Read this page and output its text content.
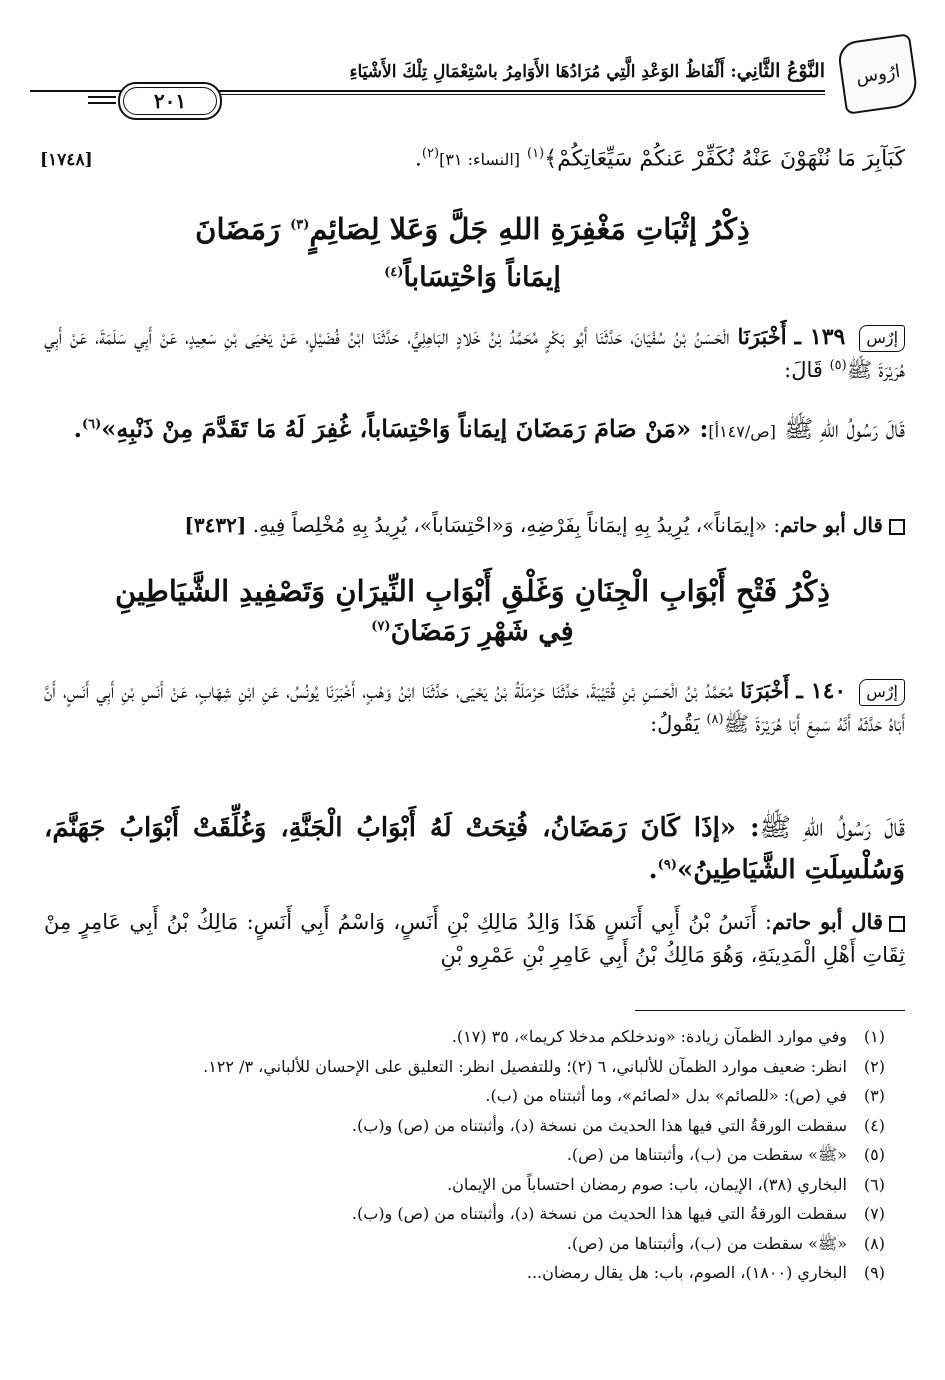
ارُوس
النَّوْعُ الثَّانِي: أَلْفَاظُ الوَعْدِ الَّتِي مُرَادُهَا الأَوَامِرُ باسْتِعْمَالِ تِلْكَ الأَشْيَاءِ
٢٠١
كَبَآبِرَ مَا نُنْهَوْنَ عَنْهُ نُكَفِّرْ عَنكُمْ سَيِّعَاتِكُمْ﴾$^{(١)}$ [النساء: ٣١]$^{(٢)}$.
[١٧٤٨]
ذِكْرُ إثْبَاتِ مَغْفِرَةِ اللهِ جَلَّ وَعَلا لِصَائِمٍ$^{(٣)}$ رَمَضَانَ
إيمَاناً وَاحْتِسَاباً$^{(٤)}$
إرٌس ١٣٩ ـ أَخْبَرَنَا الْحَسَنُ بْنُ سُفْيَانَ، حَدَّثَنَا أَبُو بَكْرٍ مُحَمَّدُ بْنُ خَلادٍ البَاهِلِيُّ، حَدَّثَنَا ابْنُ فُضَيْلٍ، عَنْ يَحْيَى بْنِ سَعِيدٍ، عَنْ أَبِي سَلَمَةَ، عَنْ أَبِي هُرَيْرَةَ ﷺ$^{(٥)}$ قَالَ:
قَالَ رَسُولُ اللهِ ﷺ [ص/١٤٧أ]: «مَنْ صَامَ رَمَضَانَ إيمَاناً وَاحْتِسَاباً، غُفِرَ لَهُ مَا تَقَدَّمَ مِنْ ذَنْبِهِ»$^{(٦)}$.
قال أبو حاتم: «إيمَاناً»، يُرِيدُ بِهِ إيمَاناً بِفَرْضِهِ، وَ«احْتِسَاباً»، يُرِيدُ بِهِ مُخْلِصاً فِيهِ. [٣٤٣٢]
ذِكْرُ فَتْحِ أَبْوَابِ الْجِنَانِ وَغَلْقِ أَبْوَابِ النِّيرَانِ وَتَصْفِيدِ الشَّيَاطِينِ
فِي شَهْرِ رَمَضَانَ$^{(٧)}$
إرٌس ١٤٠ ـ أَخْبَرَنَا مُحَمَّدُ بْنُ الْحَسَنِ بْنِ قُتَيْبَةَ، حَدَّثَنَا حَرْمَلَةُ بْنُ يَحْيَى، حَدَّثَنَا ابْنُ وَهْبٍ، أَخْبَرَنَا يُونُسُ، عَنِ ابْنِ شِهَابٍ، عَنْ أَنَسِ بْنِ أَبِي أَنَسٍ، أَنَّ أَبَاهُ حَدَّثَهُ أَنَّهُ سَمِعَ أَبَا هُرَيْرَةَ ﷺ$^{(٨)}$ يَقُولُ:
قَالَ رَسُولُ اللهِ ﷺ: «إذَا كَانَ رَمَضَانُ، فُتِحَتْ لَهُ أَبْوَابُ الْجَنَّةِ، وَغُلِّقَتْ أَبْوَابُ جَهَنَّمَ، وَسُلْسِلَتِ الشَّيَاطِينُ»$^{(٩)}$.
قال أبو حاتم: أَنَسُ بْنُ أَبِي أَنَسٍ هَذَا وَالِدُ مَالِكِ بْنِ أَنَسٍ، وَاسْمُ أَبِي أَنَسٍ: مَالِكُ بْنُ أَبِي عَامِرٍ مِنْ ثِقَاتِ أَهْلِ الْمَدِينَةِ، وَهُوَ مَالِكُ بْنُ أَبِي عَامِرِ بْنِ عَمْرِو بْنِ
(١)
وفي موارد الظمآن زيادة: «وندخلكم مدخلا كريما»، ٣٥ (١٧).
(٢)
انظر: ضعيف موارد الظمآن للألباني، ٦ (٢)؛ وللتفصيل انظر: التعليق على الإحسان للألباني، ٣/ ١٢٢.
(٣)
في (ص): «للصائم» بدل «لصائم»، وما أثبتناه من (ب).
(٤)
سقطت الورقةُ التي فيها هذا الحديث من نسخة (د)، وأثبتناه من (ص) و(ب).
(٥)
«ﷺ» سقطت من (ب)، وأثبتناها من (ص).
(٦)
البخاري (٣٨)، الإيمان، باب: صوم رمضان احتساباً من الإيمان.
(٧)
سقطت الورقةُ التي فيها هذا الحديث من نسخة (د)، وأثبتناه من (ص) و(ب).
(٨)
«ﷺ» سقطت من (ب)، وأثبتناها من (ص).
(٩)
البخاري (١٨٠٠)، الصوم، باب: هل يقال رمضان...
